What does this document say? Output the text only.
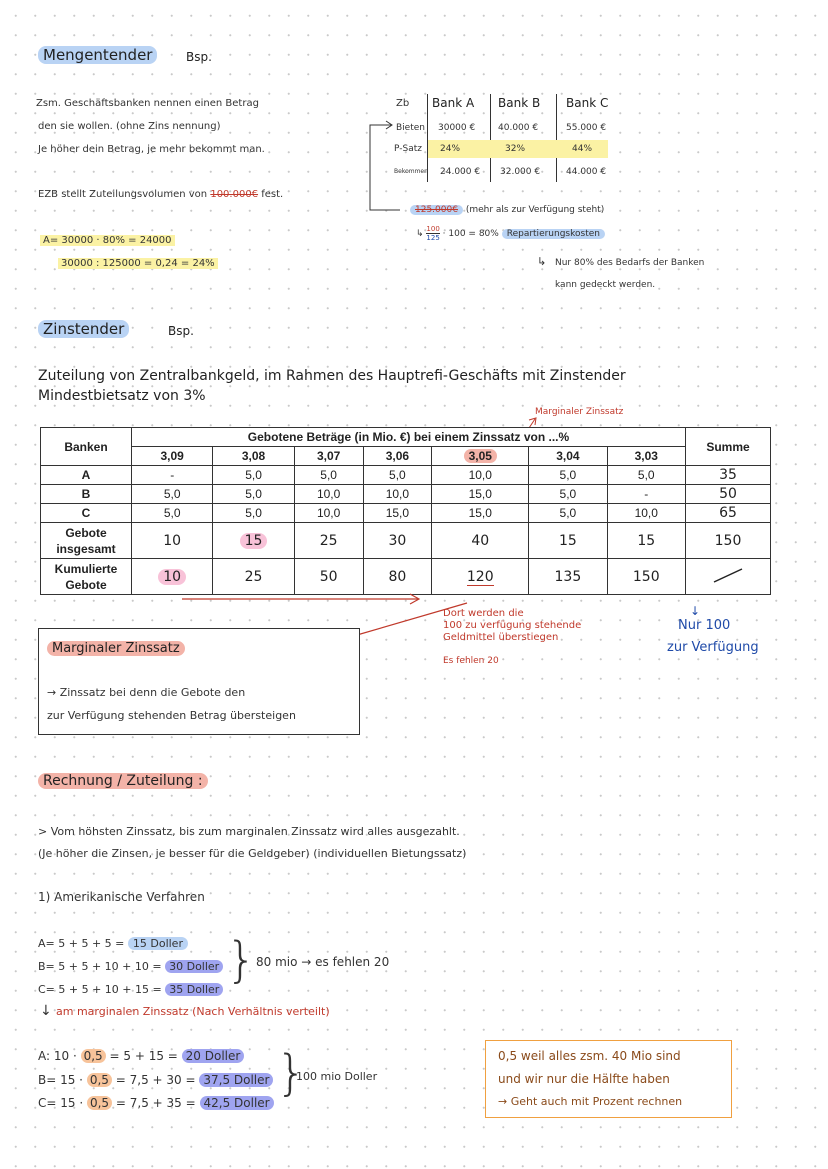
Mengentender	Bsp.
Zsm. Geschäftsbanken nennen einen Betrag
den sie wollen. (ohne Zins nennung)
Je höher dein Betrag, je mehr bekommt man.
EZB stellt Zuteilungsvolumen von 100.000€ fest.
A= 30000 · 80% = 24000
30000 : 125000 = 0,24 = 24%
Zb Bank A Bank B Bank C
Bieten 30000 €	40.000 €	55.000 €
P-Satz 24%	32%	44%
Bekommen 24.000 € 32.000 €	44.000 €
125.000€ (mehr als zur Verfügung steht)
↳ $\frac{100}{125} \cdot 100 = 80\%$ Repartierungskosten
↳ Nur 80% des Bedarfs der Banken
kann gedeckt werden.
Zinstender	Bsp.
Zuteilung von Zentralbankgeld, im Rahmen des Hauptrefi-Geschäfts mit Zinstender
Mindestbietsatz von 3%
Marginaler Zinssatz
Banken	Gebotene Beträge (in Mio. €) bei einem Zinssatz von ...%							Summe
	3,09	3,08	3,07	3,06	3,05	3,04	3,03	
A	-	5,0	5,0	5,0	10,0	5,0	5,0	35
B	5,0	5,0	10,0	10,0	15,0	5,0	-	50
C	5,0	5,0	10,0	15,0	15,0	5,0	10,0	65
Gebote
insgesamt	10	15	25	30	40	15	15	150
Kumulierte
Gebote	10	25	50	80	120	135	150	
Dort werden die
100 zu verfügung stehende
Geldmittel überstiegen
Es fehlen 20
↓
Nur 100
zur Verfügung
Marginaler Zinssatz
→ Zinssatz bei denn die Gebote den
zur Verfügung stehenden Betrag übersteigen
Rechnung / Zuteilung :
> Vom höhsten Zinssatz, bis zum marginalen Zinssatz wird alles ausgezahlt.
(Je höher die Zinsen, je besser für die Geldgeber) (individuellen Bietungssatz)
1) Amerikanische Verfahren
A= 5 + 5 + 5 = 15 Doller
B= 5 + 5 + 10 + 10 = 30 Doller
C= 5 + 5 + 10 + 15 = 35 Doller
} 80 mio → es fehlen 20
↓ am marginalen Zinssatz (Nach Verhältnis verteilt)
A: 10 · 0,5 = 5 + 15 = 20 Doller
B= 15 · 0,5 = 7,5 + 30 = 37,5 Doller
C= 15 · 0,5 = 7,5 + 35 = 42,5 Doller
}
100 mio Doller
0,5 weil alles zsm. 40 Mio sind
und wir nur die Hälfte haben
→ Geht auch mit Prozent rechnen
